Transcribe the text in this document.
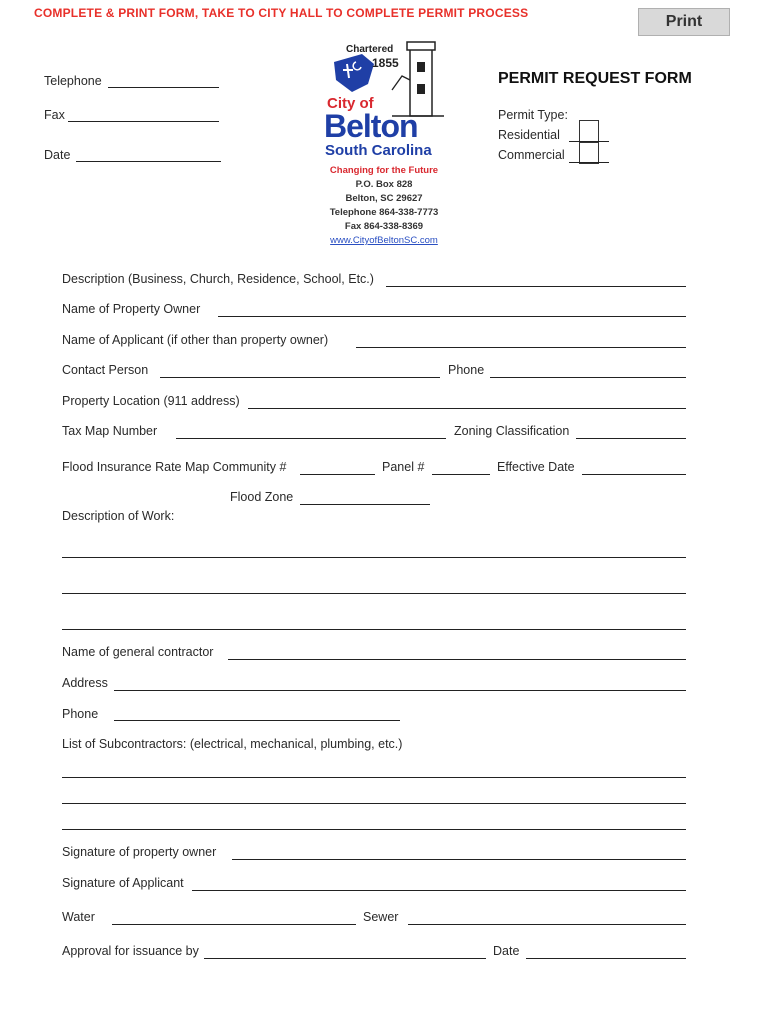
COMPLETE & PRINT FORM, TAKE TO CITY HALL TO COMPLETE PERMIT PROCESS	Print
Telephone
Fax
Date
Chartered
1855
City of
Belton
South Carolina
Changing for the Future
P.O. Box 828
Belton, SC 29627
Telephone 864-338-7773
Fax 864-338-8369
www.CityofBeltonSC.com
PERMIT REQUEST FORM
Permit Type:
Residential
Commercial
Description (Business, Church, Residence, School, Etc.)
Name of Property Owner
Name of Applicant (if other than property owner)
Contact Person	Phone
Property Location (911 address)
Tax Map Number	Zoning Classification
Flood Insurance Rate Map Community #	Panel #	Effective Date
Flood Zone
Description of Work:
Name of general contractor
Address
Phone
List of Subcontractors: (electrical, mechanical, plumbing, etc.)
Signature of property owner
Signature of Applicant
Water	Sewer
Approval for issuance by	Date
